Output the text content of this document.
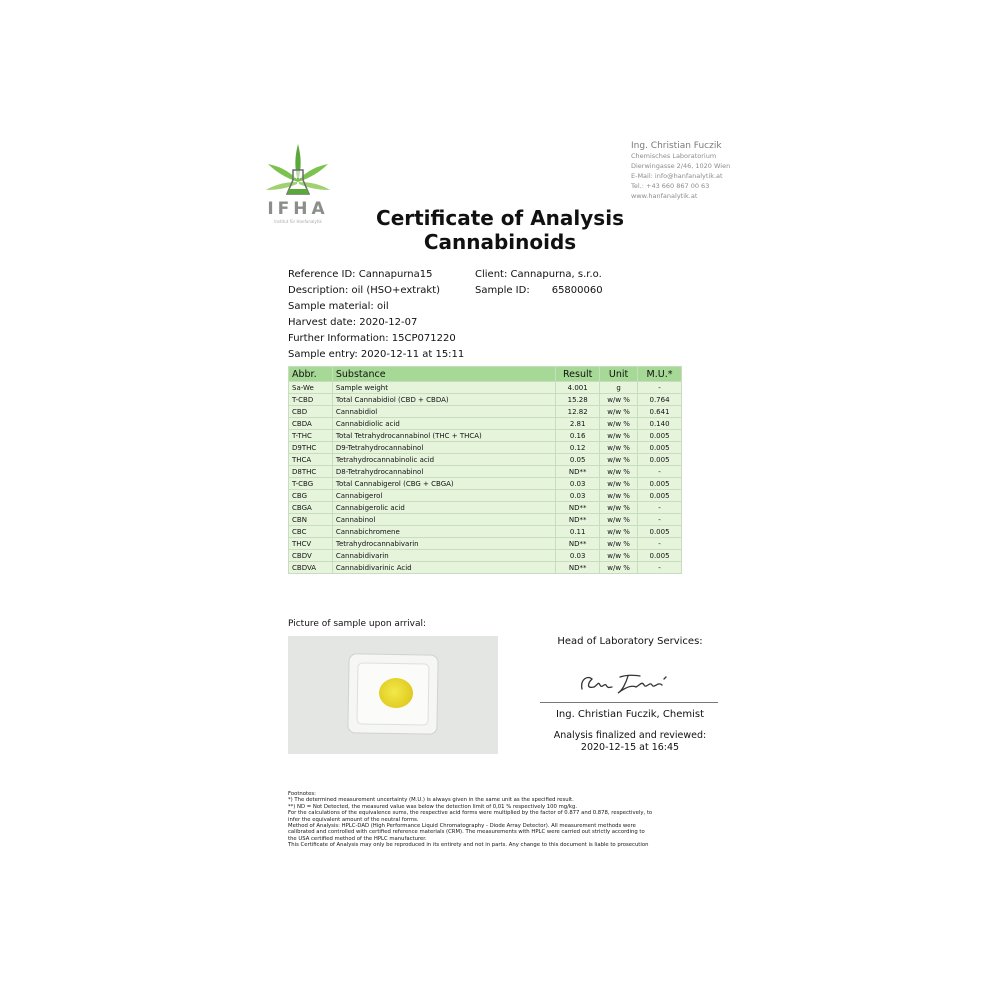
IFHA
Institut für Hanfanalytik
Ing. Christian Fuczik
Chemisches Laboratorium
Dierwingasse 2/46, 1020 Wien
E-Mail: info@hanfanalytik.at
Tel.: +43 660 867 00 63
www.hanfanalytik.at
Certificate of Analysis
Cannabinoids
Reference ID: Cannapurna15
Description: oil (HSO+extrakt)
Sample material: oil
Harvest date: 2020-12-07
Further Information: 15CP071220
Sample entry: 2020-12-11 at 15:11
Client: Cannapurna, s.r.o.
Sample ID: 65800060
Abbr.	Substance	Result	Unit	M.U.*
Sa-We	Sample weight	4.001	g	-
T-CBD	Total Cannabidiol (CBD + CBDA)	15.28	w/w %	0.764
CBD	Cannabidiol	12.82	w/w %	0.641
CBDA	Cannabidiolic acid	2.81	w/w %	0.140
T-THC	Total Tetrahydrocannabinol (THC + THCA)	0.16	w/w %	0.005
D9THC	D9-Tetrahydrocannabinol	0.12	w/w %	0.005
THCA	Tetrahydrocannabinolic acid	0.05	w/w %	0.005
D8THC	D8-Tetrahydrocannabinol	ND**	w/w %	-
T-CBG	Total Cannabigerol (CBG + CBGA)	0.03	w/w %	0.005
CBG	Cannabigerol	0.03	w/w %	0.005
CBGA	Cannabigerolic acid	ND**	w/w %	-
CBN	Cannabinol	ND**	w/w %	-
CBC	Cannabichromene	0.11	w/w %	0.005
THCV	Tetrahydrocannabivarin	ND**	w/w %	-
CBDV	Cannabidivarin	0.03	w/w %	0.005
CBDVA	Cannabidivarinic Acid	ND**	w/w %	-
Picture of sample upon arrival:
Head of Laboratory Services:
Ing. Christian Fuczik, Chemist
Analysis finalized and reviewed:
2020-12-15 at 16:45
Footnotes:
*) The determined measurement uncertainty (M.U.) is always given in the same unit as the specified result.
**) ND = Not Detected, the measured value was below the detection limit of 0,01 % respectively 100 mg/kg.
For the calculations of the equivalence sums, the respective acid forms were multiplied by the factor of 0.877 and 0.878, respectively, to
infer the equivalent amount of the neutral forms.
Method of Analysis: HPLC-DAD (High Performance Liquid Chromatography - Diode Array Detector). All measurement methods were
calibrated and controlled with certified reference materials (CRM). The measurements with HPLC were carried out strictly according to
the USA certified method of the HPLC manufacturer.
This Certificate of Analysis may only be reproduced in its entirety and not in parts. Any change to this document is liable to prosecution
